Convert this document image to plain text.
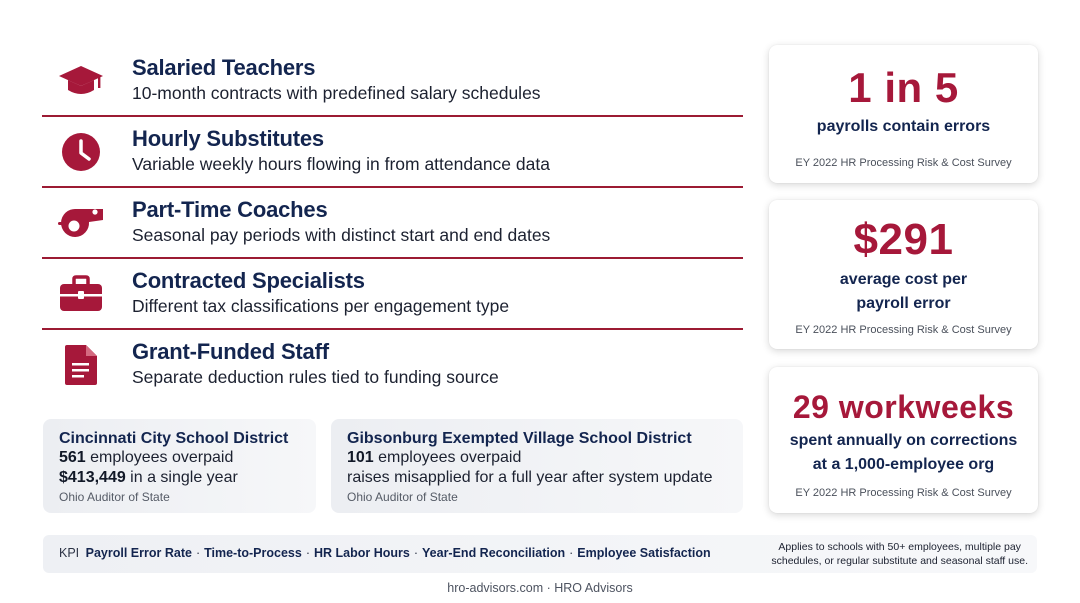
Salaried Teachers
10-month contracts with predefined salary schedules
Hourly Substitutes
Variable weekly hours flowing in from attendance data
Part-Time Coaches
Seasonal pay periods with distinct start and end dates
Contracted Specialists
Different tax classifications per engagement type
Grant-Funded Staff
Separate deduction rules tied to funding source
Cincinnati City School District
561 employees overpaid
$413,449 in a single year
Ohio Auditor of State
Gibsonburg Exempted Village School District
101 employees overpaid
raises misapplied for a full year after system update
Ohio Auditor of State
1 in 5
payrolls contain errors
EY 2022 HR Processing Risk & Cost Survey
$291
average cost per
payroll error
EY 2022 HR Processing Risk & Cost Survey
29 workweeks
spent annually on corrections
at a 1,000-employee org
EY 2022 HR Processing Risk & Cost Survey
KPI Payroll Error Rate · Time-to-Process · HR Labor Hours · Year-End Reconciliation · Employee Satisfaction	Applies to schools with 50+ employees, multiple pay
schedules, or regular substitute and seasonal staff use.
hro-advisors.com · HRO Advisors
